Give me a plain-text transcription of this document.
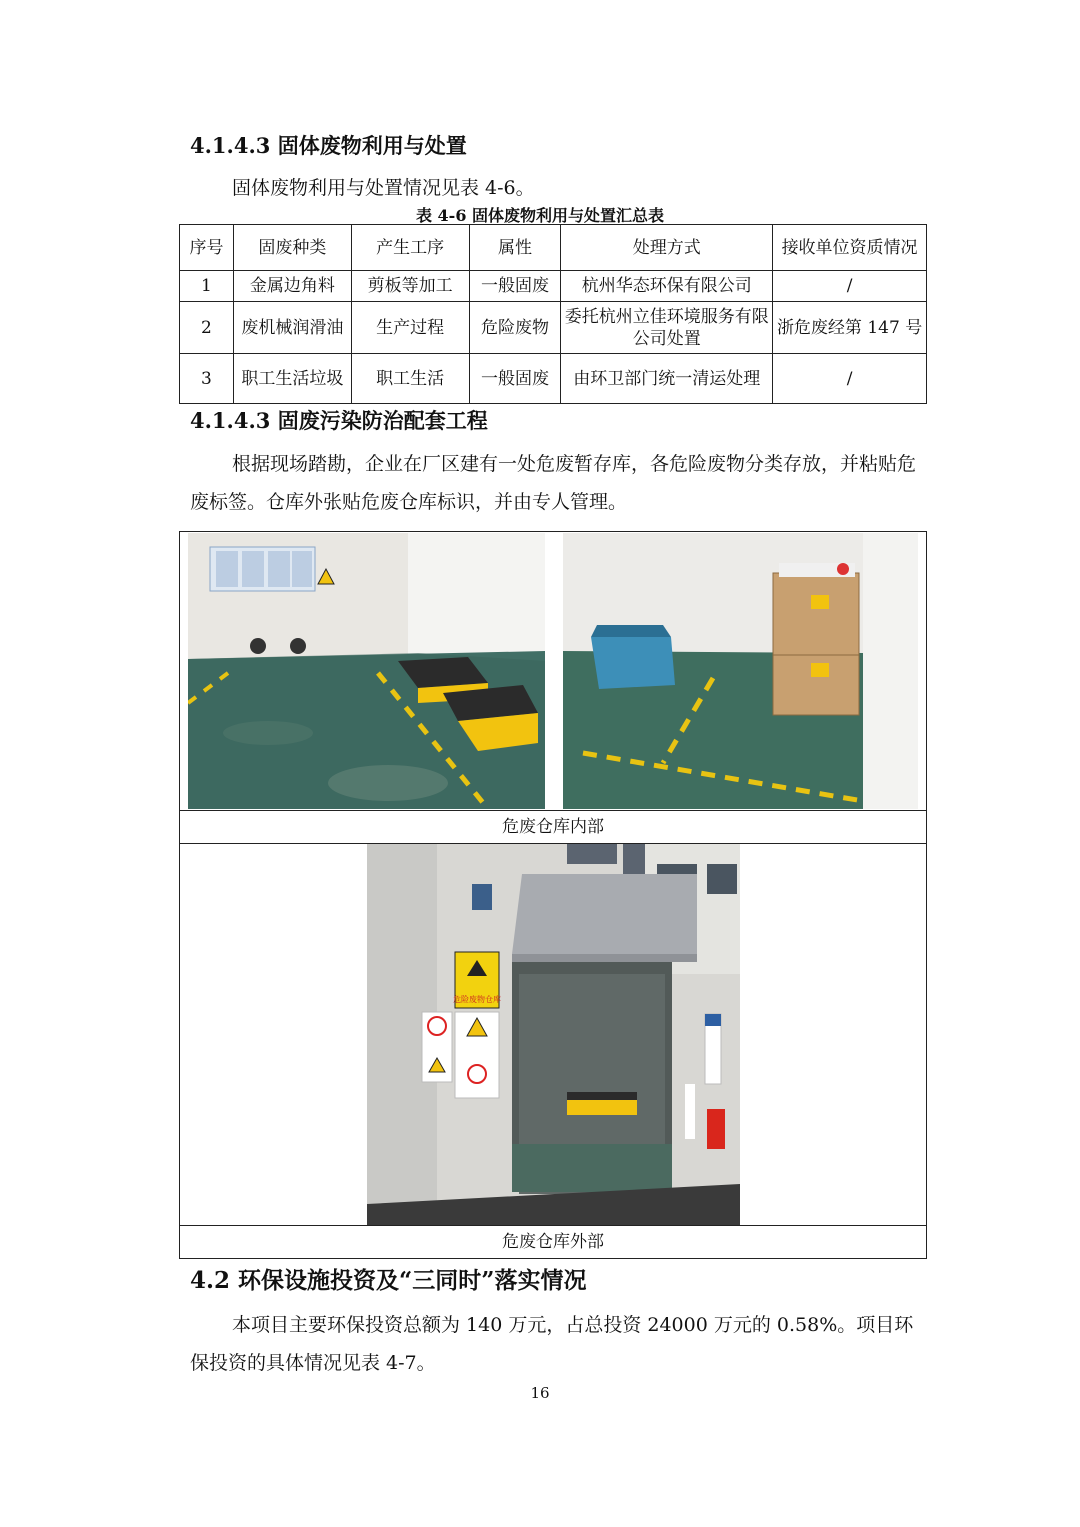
4.1.4.3 固体废物利用与处置
固体废物利用与处置情况见表 4-6。
表 4-6 固体废物利用与处置汇总表
序号	固废种类	产生工序	属性	处理方式	接收单位资质情况
1	金属边角料	剪板等加工	一般固废	杭州华态环保有限公司	/
2	废机械润滑油	生产过程	危险废物	委托杭州立佳环境服务有限公司处置	浙危废经第 147 号
3	职工生活垃圾	职工生活	一般固废	由环卫部门统一清运处理	/
4.1.4.3 固废污染防治配套工程
根据现场踏勘，企业在厂区建有一处危废暂存库，各危险废物分类存放，并粘贴危废标签。仓库外张贴危废仓库标识，并由专人管理。
危废仓库内部
危险废物仓库
危废仓库外部
4.2 环保设施投资及“三同时”落实情况
本项目主要环保投资总额为 140 万元，占总投资 24000 万元的 0.58%。项目环保投资的具体情况见表 4-7。
16
